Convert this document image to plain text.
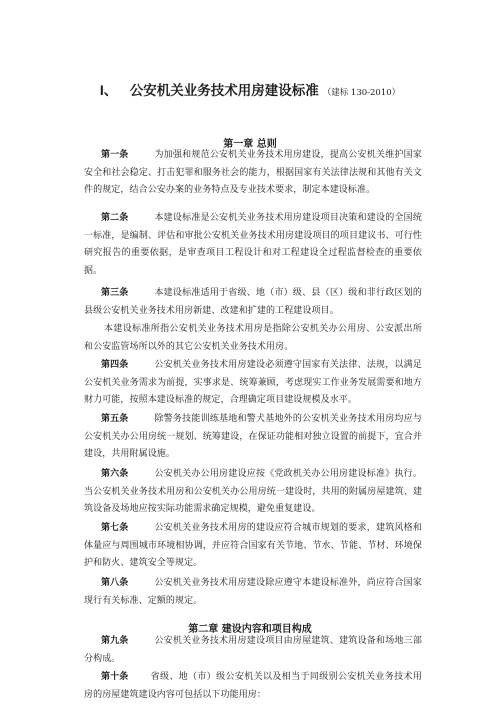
I、 公安机关业务技术用房建设标准 （建标 130-2010）
第一章 总则
第一条	为加强和规范公安机关业务技术用房建设，提高公安机关维护国家安全和社会稳定、打击犯罪和服务社会的能力，根据国家有关法律法规和其他有关文件的规定，结合公安办案的业务特点及专业技术要求，制定本建设标准。
第二条	本建设标准是公安机关业务技术用房建设项目决策和建设的全国统一标准，是编制、评估和审批公安机关业务技术用房建设项目的项目建议书、可行性研究报告的重要依据，是审查项目工程设计和对工程建设全过程监督检查的重要依据。
第三条	本建设标准适用于省级、地（市）级、县（区）级和非行政区划的县级公安机关业务技术用房新建、改建和扩建的工程建设项目。
本建设标准所指公安机关业务技术用房是指除公安机关办公用房、公安派出所和公安监管场所以外的其它公安机关业务技术用房。
第四条	公安机关业务技术用房建设必须遵守国家有关法律、法规，以满足公安机关业务需求为前提，实事求是、统筹兼顾，考虑现实工作业务发展需要和地方财力可能，按照本建设标准的规定，合理确定项目建设规模及水平。
第五条	除警务技能训练基地和警犬基地外的公安机关业务技术用房均应与公安机关办公用房统一规划、统筹建设，在保证功能相对独立设置的前提下，宜合并建设，共用附属设施。
第六条	公安机关办公用房建设应按《党政机关办公用房建设标准》执行。当公安机关业务技术用房和公安机关办公用房统一建设时，共用的附属房屋建筑、建筑设备及场地应按实际功能需求确定规模，避免重复建设。
第七条	公安机关业务技术用房的建设应符合城市规划的要求，建筑风格和体量应与周围城市环境相协调，并应符合国家有关节地、节水、节能、节材、环境保护和防火、建筑安全等规定。
第八条	公安机关业务技术用房建设除应遵守本建设标准外，尚应符合国家现行有关标准、定额的规定。
第二章 建设内容和项目构成
第九条	公安机关业务技术用房建设项目由房屋建筑、建筑设备和场地三部分构成。
第十条 省级、地（市）级公安机关以及相当于同级别公安机关业务技术用房的房屋建筑建设内容可包括以下功能用房：
